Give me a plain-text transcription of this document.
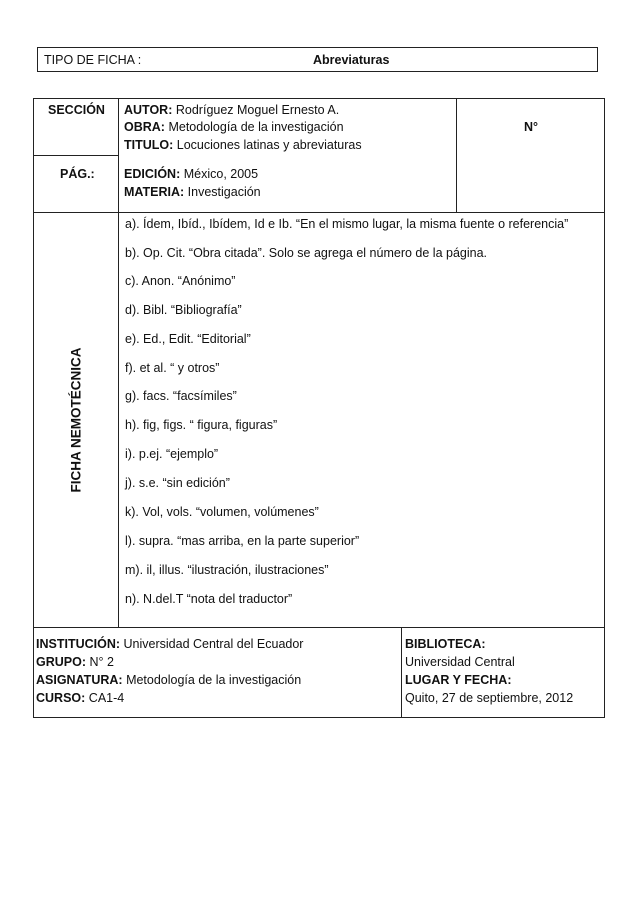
TIPO DE FICHA :	Abreviaturas
SECCIÓN
PÁG.:
AUTOR: Rodríguez Moguel Ernesto A.
OBRA: Metodología de la investigación
TITULO: Locuciones latinas y abreviaturas
EDICIÓN: México, 2005
MATERIA: Investigación
N°
FICHA NEMOTÉCNICA
a). Ídem, Ibíd., Ibídem, Id e Ib. “En el mismo lugar, la misma fuente o referencia”
b). Op. Cit. “Obra citada”. Solo se agrega el número de la página.
c). Anon. “Anónimo”
d). Bibl. “Bibliografía”
e). Ed., Edit. “Editorial”
f). et al. “ y otros”
g). facs. “facsímiles”
h). fig, figs. “ figura, figuras”
i). p.ej. “ejemplo”
j). s.e. “sin edición”
k). Vol, vols. “volumen, volúmenes”
l). supra. “mas arriba, en la parte superior”
m). il, illus. “ilustración, ilustraciones”
n). N.del.T “nota del traductor”
INSTITUCIÓN: Universidad Central del Ecuador
GRUPO: N° 2
ASIGNATURA: Metodología de la investigación
CURSO: CA1-4
BIBLIOTECA:
Universidad Central
LUGAR Y FECHA:
Quito, 27 de septiembre, 2012
